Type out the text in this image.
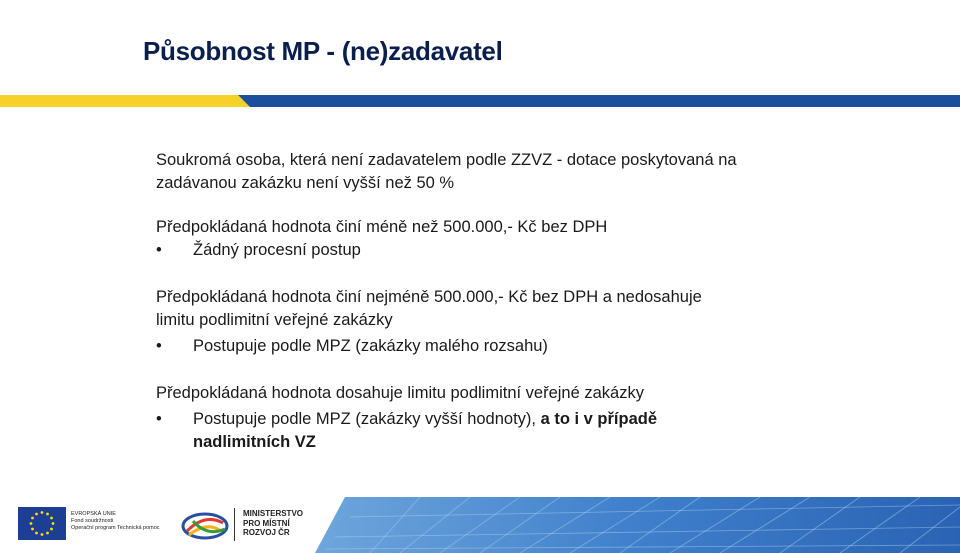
Působnost MP - (ne)zadavatel

Soukromá osoba, která není zadavatelem podle ZZVZ - dotace poskytovaná na
zadávanou zakázku není vyšší než 50 %

Předpokládaná hodnota činí méně než 500.000,- Kč bez DPH

• Žádný procesní postup

Předpokládaná hodnota činí nejméně 500.000,- Kč bez DPH a nedosahuje
limitu podlimitní veřejné zakázky

• Postupuje podle MPZ (zakázky malého rozsahu)

Předpokládaná hodnota dosahuje limitu podlimitní veřejné zakázky

• Postupuje podle MPZ (zakázky vyšší hodnoty), a to i v případě
nadlimitních VZ
EVROPSKÁ UNIE
Fond soudržnosti
Operační program Technická pomoc
MINISTERSTVO
PRO MÍSTNÍ
ROZVOJ ČR
